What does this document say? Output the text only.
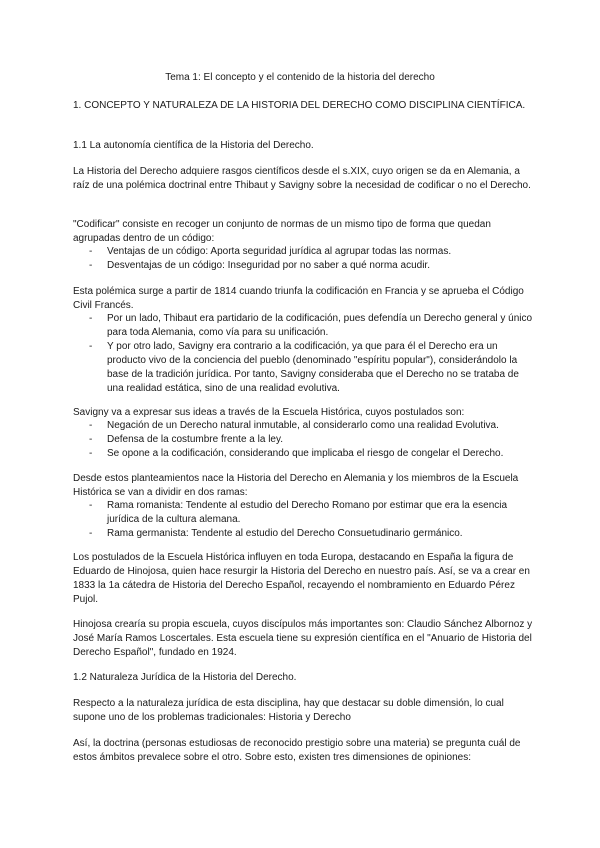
Tema 1: El concepto y el contenido de la historia del derecho

1. CONCEPTO Y NATURALEZA DE LA HISTORIA DEL DERECHO COMO DISCIPLINA CIENTÍFICA.

1.1 La autonomía científica de la Historia del Derecho.

La Historia del Derecho adquiere rasgos científicos desde el s.XIX, cuyo origen se da en Alemania, a raíz de una polémica doctrinal entre Thibaut y Savigny sobre la necesidad de codificar o no el Derecho.

"Codificar" consiste en recoger un conjunto de normas de un mismo tipo de forma que quedan agrupadas dentro de un código:

- Ventajas de un código: Aporta seguridad jurídica al agrupar todas las normas.
- Desventajas de un código: Inseguridad por no saber a qué norma acudir.

Esta polémica surge a partir de 1814 cuando triunfa la codificación en Francia y se aprueba el Código Civil Francés.

- Por un lado, Thibaut era partidario de la codificación, pues defendía un Derecho general y único para toda Alemania, como vía para su unificación.
- Y por otro lado, Savigny era contrario a la codificación, ya que para él el Derecho era un producto vivo de la conciencia del pueblo (denominado "espíritu popular"), considerándolo la base de la tradición jurídica. Por tanto, Savigny consideraba que el Derecho no se trataba de una realidad estática, sino de una realidad evolutiva.

Savigny va a expresar sus ideas a través de la Escuela Histórica, cuyos postulados son:

- Negación de un Derecho natural inmutable, al considerarlo como una realidad Evolutiva.
- Defensa de la costumbre frente a la ley.
- Se opone a la codificación, considerando que implicaba el riesgo de congelar el Derecho.

Desde estos planteamientos nace la Historia del Derecho en Alemania y los miembros de la Escuela Histórica se van a dividir en dos ramas:

- Rama romanista: Tendente al estudio del Derecho Romano por estimar que era la esencia jurídica de la cultura alemana.
- Rama germanista: Tendente al estudio del Derecho Consuetudinario germánico.

Los postulados de la Escuela Histórica influyen en toda Europa, destacando en España la figura de Eduardo de Hinojosa, quien hace resurgir la Historia del Derecho en nuestro país. Así, se va a crear en 1833 la 1a cátedra de Historia del Derecho Español, recayendo el nombramiento en Eduardo Pérez Pujol.

Hinojosa crearía su propia escuela, cuyos discípulos más importantes son: Claudio Sánchez Albornoz y José María Ramos Loscertales. Esta escuela tiene su expresión científica en el "Anuario de Historia del Derecho Español", fundado en 1924.

1.2 Naturaleza Jurídica de la Historia del Derecho.

Respecto a la naturaleza jurídica de esta disciplina, hay que destacar su doble dimensión, lo cual supone uno de los problemas tradicionales: Historia y Derecho

Así, la doctrina (personas estudiosas de reconocido prestigio sobre una materia) se pregunta cuál de estos ámbitos prevalece sobre el otro. Sobre esto, existen tres dimensiones de opiniones:
